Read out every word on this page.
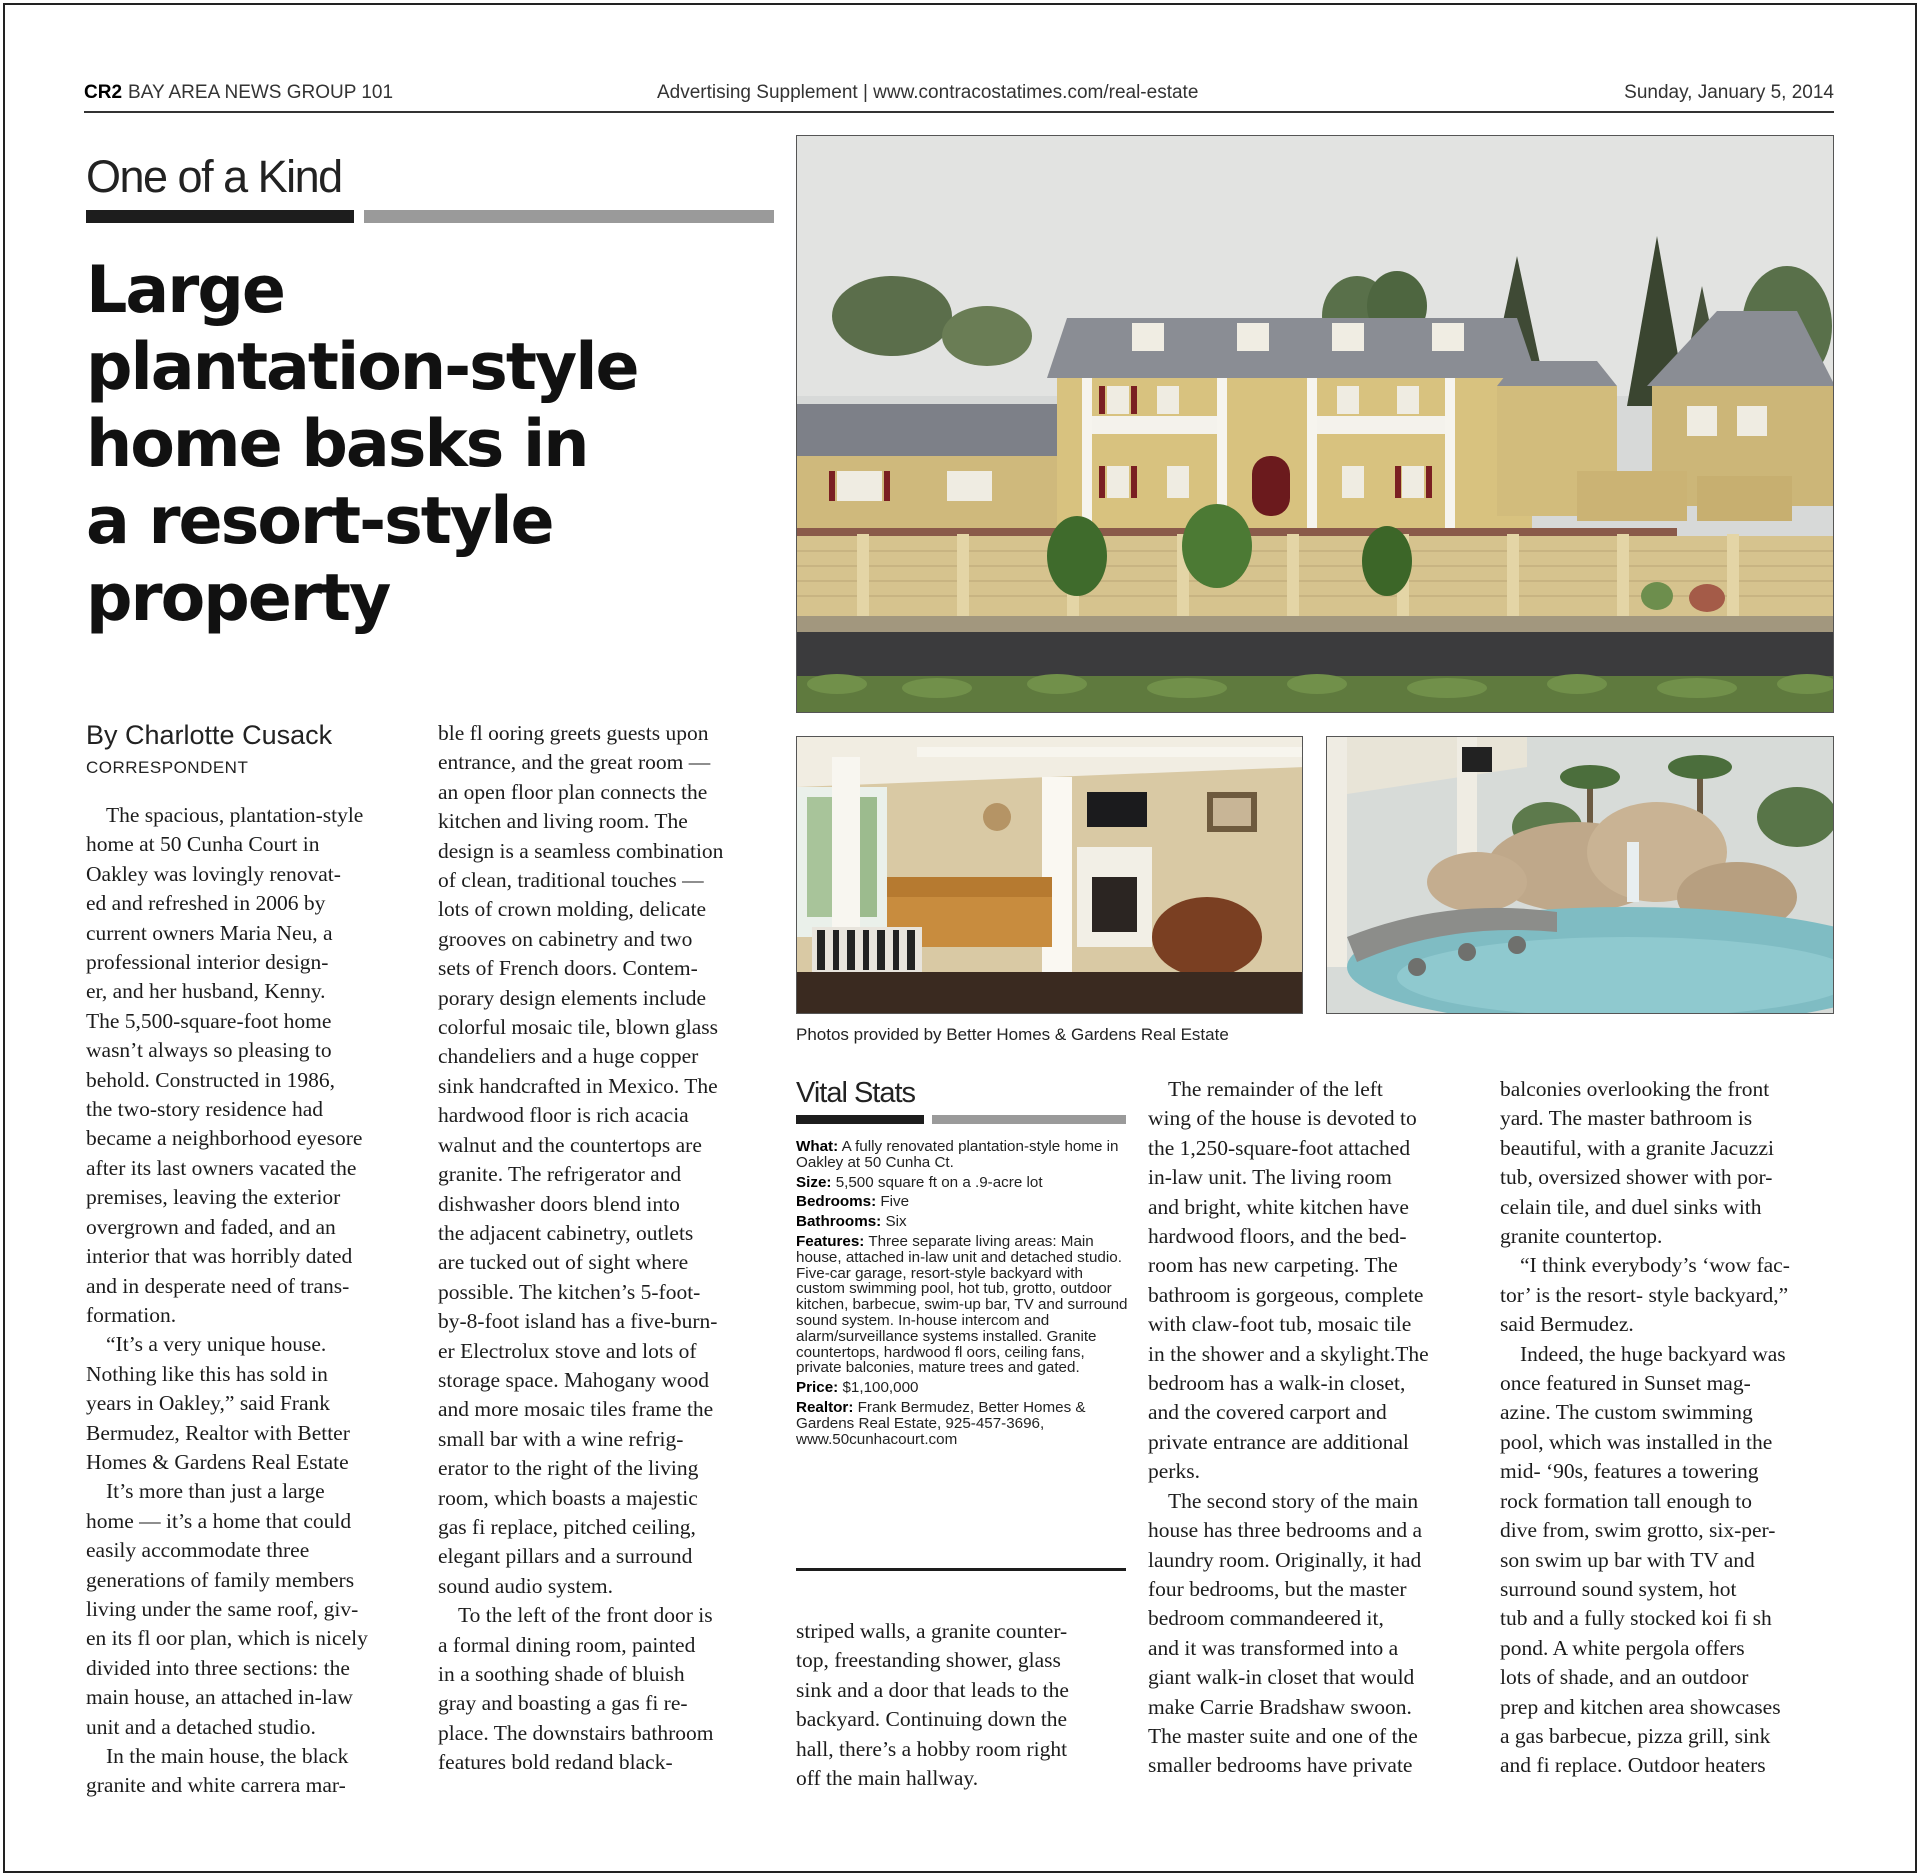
CR2 BAY AREA NEWS GROUP 101	Advertising Supplement | www.contracostatimes.com/real-estate	Sunday, January 5, 2014
One of a Kind
Large
plantation-style
home basks in
a resort-style
property
By Charlotte Cusack
CORRESPONDENT

The spacious, plantation-style
home at 50 Cunha Court in
Oakley was lovingly renovat-
ed and refreshed in 2006 by
current owners Maria Neu, a
professional interior design-
er, and her husband, Kenny.
The 5,500-square-foot home
wasn’t always so pleasing to
behold. Constructed in 1986,
the two-story residence had
became a neighborhood eyesore
after its last owners vacated the
premises, leaving the exterior
overgrown and faded, and an
interior that was horribly dated
and in desperate need of trans-
formation.

“It’s a very unique house.
Nothing like this has sold in
years in Oakley,” said Frank
Bermudez, Realtor with Better
Homes & Gardens Real Estate

It’s more than just a large
home — it’s a home that could
easily accommodate three
generations of family members
living under the same roof, giv-
en its fl oor plan, which is nicely
divided into three sections: the
main house, an attached in-law
unit and a detached studio.

In the main house, the black
granite and white carrera mar-

ble fl ooring greets guests upon
entrance, and the great room —
an open floor plan connects the
kitchen and living room. The
design is a seamless combination
of clean, traditional touches —
lots of crown molding, delicate
grooves on cabinetry and two
sets of French doors. Contem-
porary design elements include
colorful mosaic tile, blown glass
chandeliers and a huge copper
sink handcrafted in Mexico. The
hardwood floor is rich acacia
walnut and the countertops are
granite. The refrigerator and
dishwasher doors blend into
the adjacent cabinetry, outlets
are tucked out of sight where
possible. The kitchen’s 5-foot-
by-8-foot island has a five-burn-
er Electrolux stove and lots of
storage space. Mahogany wood
and more mosaic tiles frame the
small bar with a wine refrig-
erator to the right of the living
room, which boasts a majestic
gas fi replace, pitched ceiling,
elegant pillars and a surround
sound audio system.

To the left of the front door is
a formal dining room, painted
in a soothing shade of bluish
gray and boasting a gas fi re-
place. The downstairs bathroom
features bold redand black-

striped walls, a granite counter-
top, freestanding shower, glass
sink and a door that leads to the
backyard. Continuing down the
hall, there’s a hobby room right
off the main hallway.

The remainder of the left
wing of the house is devoted to
the 1,250-square-foot attached
in-law unit. The living room
and bright, white kitchen have
hardwood floors, and the bed-
room has new carpeting. The
bathroom is gorgeous, complete
with claw-foot tub, mosaic tile
in the shower and a skylight.The
bedroom has a walk-in closet,
and the covered carport and
private entrance are additional
perks.

The second story of the main
house has three bedrooms and a
laundry room. Originally, it had
four bedrooms, but the master
bedroom commandeered it,
and it was transformed into a
giant walk-in closet that would
make Carrie Bradshaw swoon.
The master suite and one of the
smaller bedrooms have private

balconies overlooking the front
yard. The master bathroom is
beautiful, with a granite Jacuzzi
tub, oversized shower with por-
celain tile, and duel sinks with
granite countertop.

“I think everybody’s ‘wow fac-
tor’ is the resort- style backyard,”
said Bermudez.

Indeed, the huge backyard was
once featured in Sunset mag-
azine. The custom swimming
pool, which was installed in the
mid- ‘90s, features a towering
rock formation tall enough to
dive from, swim grotto, six-per-
son swim up bar with TV and
surround sound system, hot
tub and a fully stocked koi fi sh
pond. A white pergola offers
lots of shade, and an outdoor
prep and kitchen area showcases
a gas barbecue, pizza grill, sink
and fi replace. Outdoor heaters

Photos provided by Better Homes & Gardens Real Estate
Vital Stats
What: A fully renovated plantation-style home in Oakley at 50 Cunha Ct.
Size: 5,500 square ft on a .9-acre lot
Bedrooms: Five
Bathrooms: Six
Features: Three separate living areas: Main house, attached in-law unit and detached studio. Five-car garage, resort-style backyard with custom swimming pool, hot tub, grotto, outdoor kitchen, barbecue, swim-up bar, TV and surround sound system. In-house intercom and alarm/surveillance systems installed. Granite countertops, hardwood fl oors, ceiling fans, private balconies, mature trees and gated.
Price: $1,100,000
Realtor: Frank Bermudez, Better Homes & Gardens Real Estate, 925-457-3696, www.50cunhacourt.com
